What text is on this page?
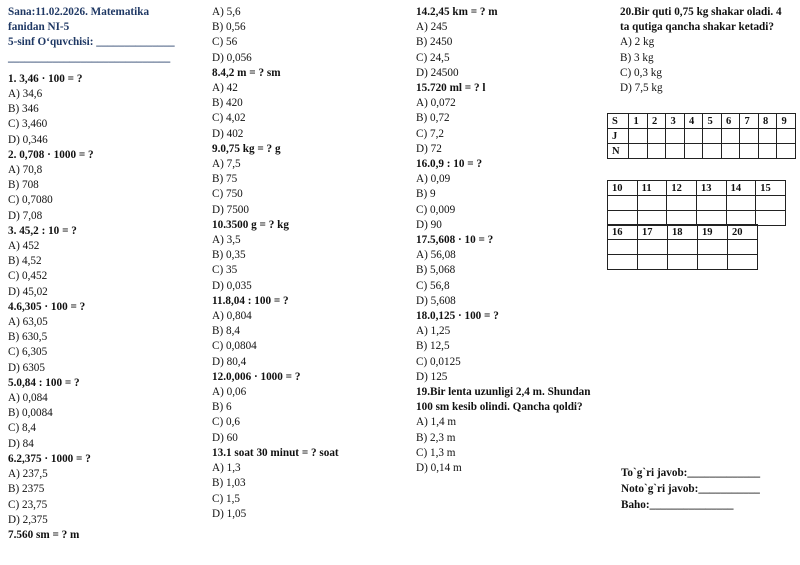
Sana:11.02.2026. Matematika
fanidan NI-5
5-sinf O‘quvchisi: ______________
_____________________________
1. 3,46 · 100 = ?
A) 34,6
B) 346
C) 3,460
D) 0,346
2. 0,708 · 1000 = ?
A) 70,8
B) 708
C) 0,7080
D) 7,08
3. 45,2 : 10 = ?
A) 452
B) 4,52
C) 0,452
D) 45,02
4.6,305 · 100 = ?
A) 63,05
B) 630,5
C) 6,305
D) 6305
5.0,84 : 100 = ?
A) 0,084
B) 0,0084
C) 8,4
D) 84
6.2,375 · 1000 = ?
A) 237,5
B) 2375
C) 23,75
D) 2,375
7.560 sm = ? m
A) 5,6
B) 0,56
C) 56
D) 0,056
8.4,2 m = ? sm
A) 42
B) 420
C) 4,02
D) 402
9.0,75 kg = ? g
A) 7,5
B) 75
C) 750
D) 7500
10.3500 g = ? kg
A) 3,5
B) 0,35
C) 35
D) 0,035
11.8,04 : 100 = ?
A) 0,804
B) 8,4
C) 0,0804
D) 80,4
12.0,006 · 1000 = ?
A) 0,06
B) 6
C) 0,6
D) 60
13.1 soat 30 minut = ? soat
A) 1,3
B) 1,03
C) 1,5
D) 1,05
14.2,45 km = ? m
A) 245
B) 2450
C) 24,5
D) 24500
15.720 ml = ? l
A) 0,072
B) 0,72
C) 7,2
D) 72
16.0,9 : 10 = ?
A) 0,09
B) 9
C) 0,009
D) 90
17.5,608 · 10 = ?
A) 56,08
B) 5,068
C) 56,8
D) 5,608
18.0,125 · 100 = ?
A) 1,25
B) 12,5
C) 0,0125
D) 125
19.Bir lenta uzunligi 2,4 m. Shundan 100 sm kesib olindi. Qancha qoldi?
A) 1,4 m
B) 2,3 m
C) 1,3 m
D) 0,14 m
20.Bir quti 0,75 kg shakar oladi. 4 ta qutiga qancha shakar ketadi?
A) 2 kg
B) 3 kg
C) 0,3 kg
D) 7,5 kg
S	1	2	3	4	5	6	7	8	9
J									
N									
10	11	12	13	14	15

16	17	18	19	20

To`g`ri javob:_____________
Noto`g`ri javob:___________
Baho:_______________
